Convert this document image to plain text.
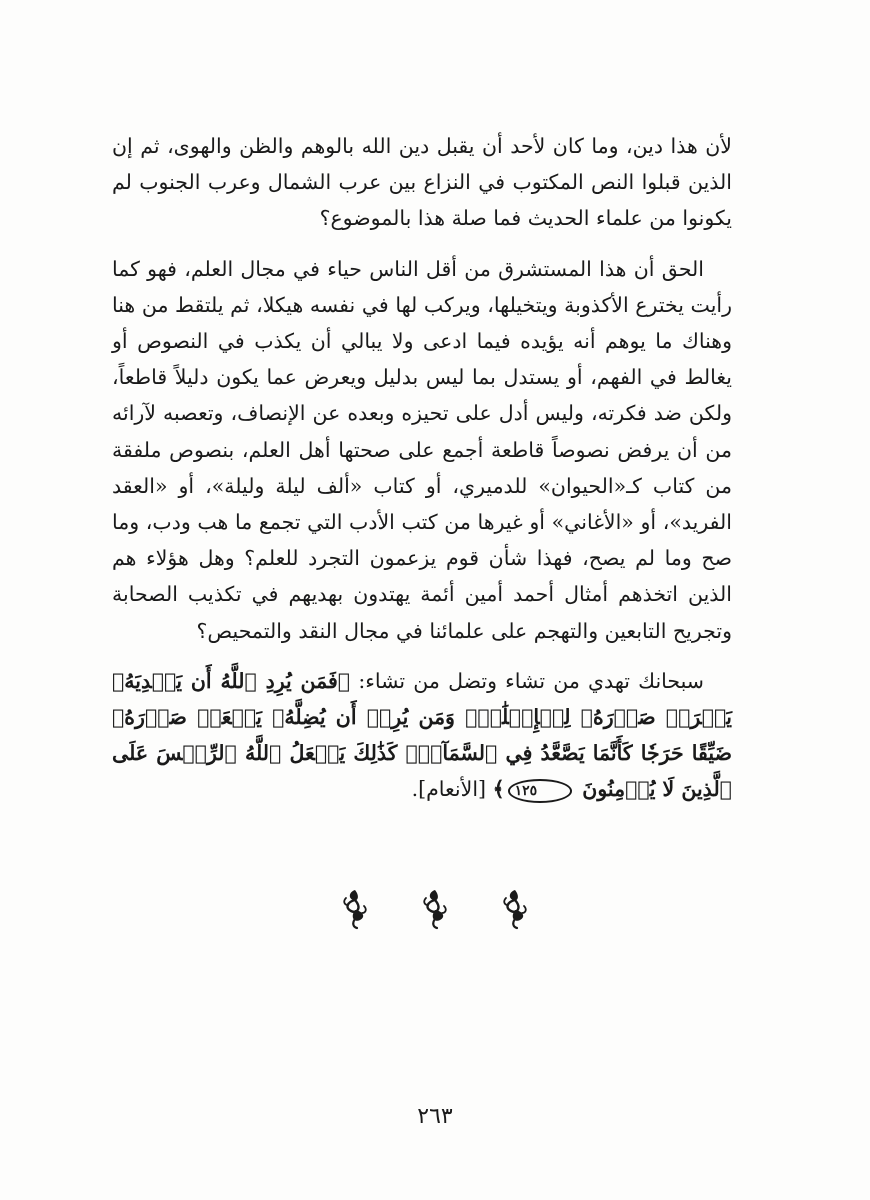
لأن هذا دين، وما كان لأحد أن يقبل دين الله بالوهم والظن والهوى، ثم إن الذين قبلوا النص المكتوب في النزاع بين عرب الشمال وعرب الجنوب لم يكونوا من علماء الحديث فما صلة هذا بالموضوع؟

الحق أن هذا المستشرق من أقل الناس حياء في مجال العلم، فهو كما رأيت يخترع الأكذوبة ويتخيلها، ويركب لها في نفسه هيكلا، ثم يلتقط من هنا وهناك ما يوهم أنه يؤيده فيما ادعى ولا يبالي أن يكذب في النصوص أو يغالط في الفهم، أو يستدل بما ليس بدليل ويعرض عما يكون دليلاً قاطعاً، ولكن ضد فكرته، وليس أدل على تحيزه وبعده عن الإنصاف، وتعصبه لآرائه من أن يرفض نصوصاً قاطعة أجمع على صحتها أهل العلم، بنصوص ملفقة من كتاب كـ«الحيوان» للدميري، أو كتاب «ألف ليلة وليلة»، أو «العقد الفريد»، أو «الأغاني» أو غيرها من كتب الأدب التي تجمع ما هب ودب، وما صح وما لم يصح، فهذا شأن قوم يزعمون التجرد للعلم؟ وهل هؤلاء هم الذين اتخذهم أمثال أحمد أمين أئمة يهتدون بهديهم في تكذيب الصحابة وتجريح التابعين والتهجم على علمائنا في مجال النقد والتمحيص؟

سبحانك تهدي من تشاء وتضل من تشاء: ﴿فَمَن يُرِدِ ٱللَّهُ أَن يَهۡدِيَهُۥ يَشۡرَحۡ صَدۡرَهُۥ لِلۡإِسۡلَٰمِۖ وَمَن يُرِدۡ أَن يُضِلَّهُۥ يَجۡعَلۡ صَدۡرَهُۥ ضَيِّقًا حَرَجٗا كَأَنَّمَا يَصَّعَّدُ فِي ٱلسَّمَآءِۚ كَذَٰلِكَ يَجۡعَلُ ٱللَّهُ ٱلرِّجۡسَ عَلَى ٱلَّذِينَ لَا يُؤۡمِنُونَ ١٢٥﴾ [الأنعام].

٢٦٣
